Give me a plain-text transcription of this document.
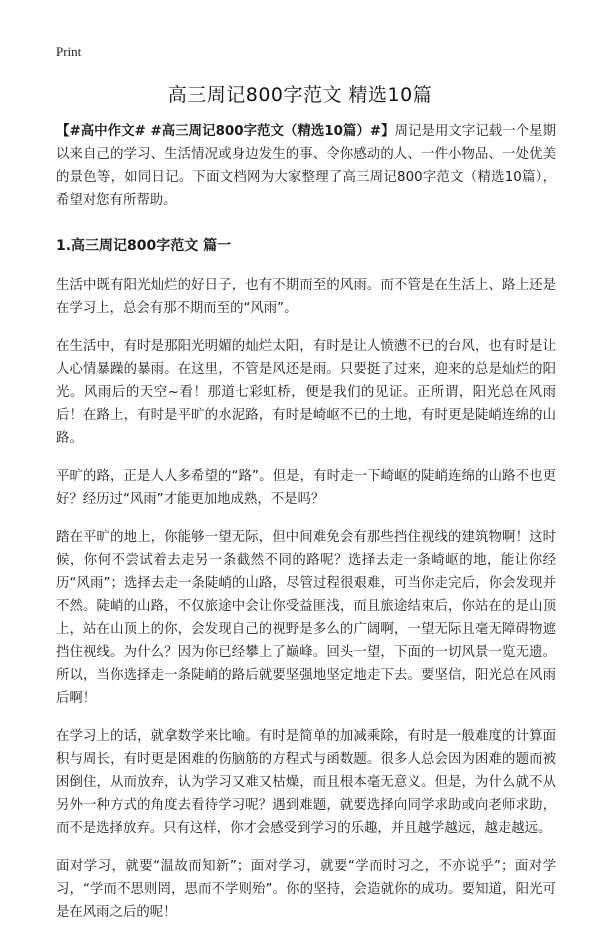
Print
高三周记800字范文 精选10篇

【#高中作文# #高三周记800字范文（精选10篇）#】周记是用文字记载一个星期以来自己的学习、生活情况或身边发生的事、令你感动的人、一件小物品、一处优美的景色等，如同日记。下面文档网为大家整理了高三周记800字范文（精选10篇），希望对您有所帮助。

1.高三周记800字范文 篇一

生活中既有阳光灿烂的好日子，也有不期而至的风雨。而不管是在生活上、路上还是在学习上，总会有那不期而至的“风雨”。

在生活中，有时是那阳光明媚的灿烂太阳，有时是让人愤懑不已的台风，也有时是让人心情暴躁的暴雨。在这里，不管是风还是雨。只要挺了过来，迎来的总是灿烂的阳光。风雨后的天空~看！那道七彩虹桥，便是我们的见证。正所谓，阳光总在风雨后！在路上，有时是平旷的水泥路，有时是崎岖不已的土地，有时更是陡峭连绵的山路。

平旷的路，正是人人多希望的“路”。但是，有时走一下崎岖的陡峭连绵的山路不也更好？经历过“风雨”才能更加地成熟，不是吗？

踏在平旷的地上，你能够一望无际，但中间难免会有那些挡住视线的建筑物啊！这时候，你何不尝试着去走另一条截然不同的路呢？选择去走一条崎岖的地，能让你经历“风雨”；选择去走一条陡峭的山路，尽管过程很艰难，可当你走完后，你会发现并不然。陡峭的山路，不仅旅途中会让你受益匪浅，而且旅途结束后，你站在的是山顶上，站在山顶上的你，会发现自己的视野是多么的广阔啊，一望无际且毫无障碍物遮挡住视线。为什么？因为你已经攀上了巅峰。回头一望，下面的一切风景一览无遗。所以，当你选择走一条陡峭的路后就要坚强地坚定地走下去。要坚信，阳光总在风雨后啊！

在学习上的话，就拿数学来比喻。有时是简单的加减乘除，有时是一般难度的计算面积与周长，有时更是困难的伤脑筋的方程式与函数题。很多人总会因为困难的题而被困倒住，从而放弃，认为学习又难又枯燥，而且根本毫无意义。但是，为什么就不从另外一种方式的角度去看待学习呢？遇到难题，就要选择向同学求助或向老师求助，而不是选择放弃。只有这样，你才会感受到学习的乐趣，并且越学越远，越走越远。

面对学习，就要“温故而知新”；面对学习，就要“学而时习之，不亦说乎”；面对学习，“学而不思则罔，思而不学则殆”。你的坚持，会造就你的成功。要知道，阳光可是在风雨之后的呢！
